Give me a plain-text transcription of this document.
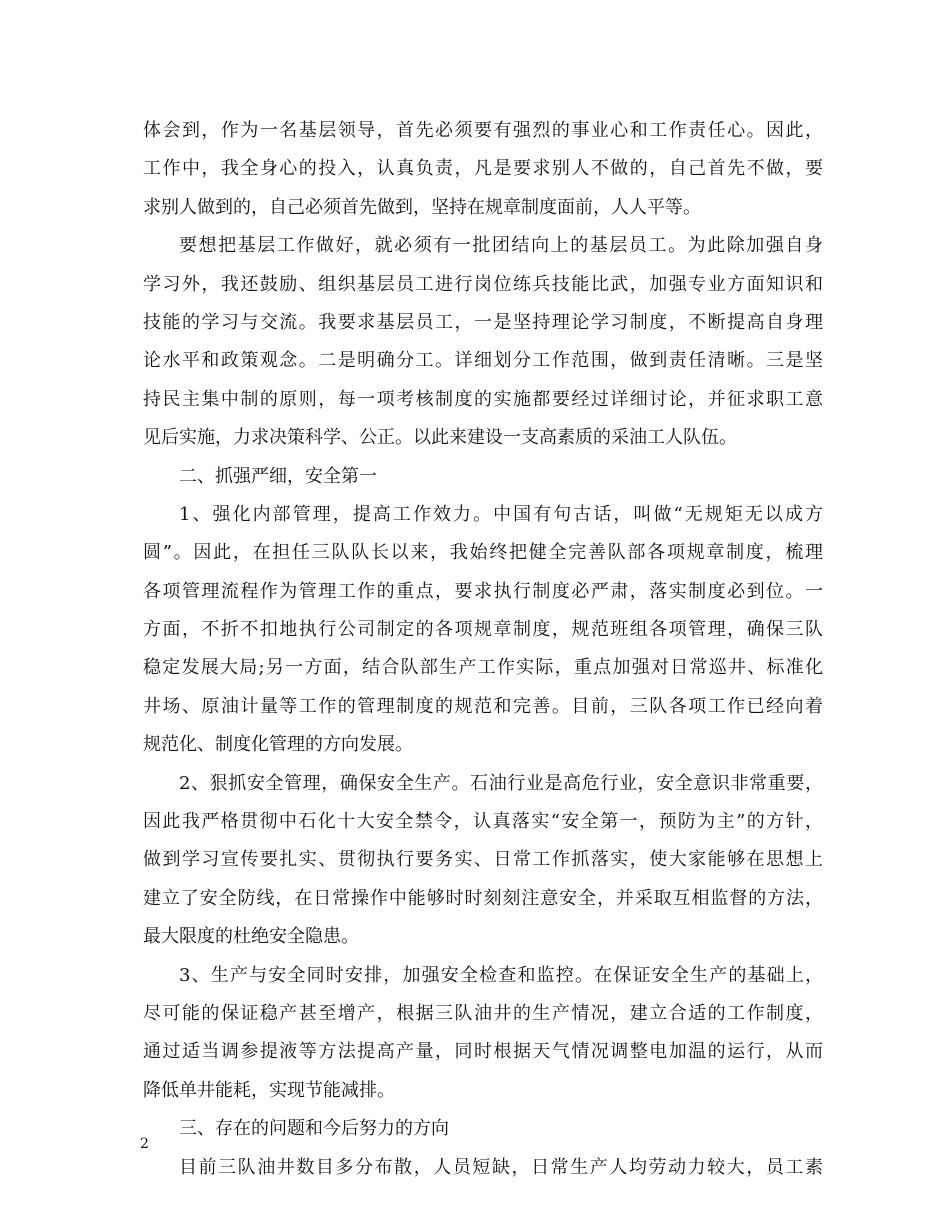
体会到，作为一名基层领导，首先必须要有强烈的事业心和工作责任心。因此，
工作中，我全身心的投入，认真负责，凡是要求别人不做的，自己首先不做，要
求别人做到的，自己必须首先做到，坚持在规章制度面前，人人平等。
要想把基层工作做好，就必须有一批团结向上的基层员工。为此除加强自身
学习外，我还鼓励、组织基层员工进行岗位练兵技能比武，加强专业方面知识和
技能的学习与交流。我要求基层员工，一是坚持理论学习制度，不断提高自身理
论水平和政策观念。二是明确分工。详细划分工作范围，做到责任清晰。三是坚
持民主集中制的原则，每一项考核制度的实施都要经过详细讨论，并征求职工意
见后实施，力求决策科学、公正。以此来建设一支高素质的采油工人队伍。
二、抓强严细，安全第一
1、强化内部管理，提高工作效力。中国有句古话，叫做“无规矩无以成方
圆”。因此，在担任三队队长以来，我始终把健全完善队部各项规章制度，梳理
各项管理流程作为管理工作的重点，要求执行制度必严肃，落实制度必到位。一
方面，不折不扣地执行公司制定的各项规章制度，规范班组各项管理，确保三队
稳定发展大局;另一方面，结合队部生产工作实际，重点加强对日常巡井、标准化
井场、原油计量等工作的管理制度的规范和完善。目前，三队各项工作已经向着
规范化、制度化管理的方向发展。
2、狠抓安全管理，确保安全生产。石油行业是高危行业，安全意识非常重要，
因此我严格贯彻中石化十大安全禁令，认真落实“安全第一，预防为主”的方针，
做到学习宣传要扎实、贯彻执行要务实、日常工作抓落实，使大家能够在思想上
建立了安全防线，在日常操作中能够时时刻刻注意安全，并采取互相监督的方法，
最大限度的杜绝安全隐患。
3、生产与安全同时安排，加强安全检查和监控。在保证安全生产的基础上，
尽可能的保证稳产甚至增产，根据三队油井的生产情况，建立合适的工作制度，
通过适当调参提液等方法提高产量，同时根据天气情况调整电加温的运行，从而
降低单井能耗，实现节能减排。
三、存在的问题和今后努力的方向
目前三队油井数目多分布散，人员短缺，日常生产人均劳动力较大，员工素
2
